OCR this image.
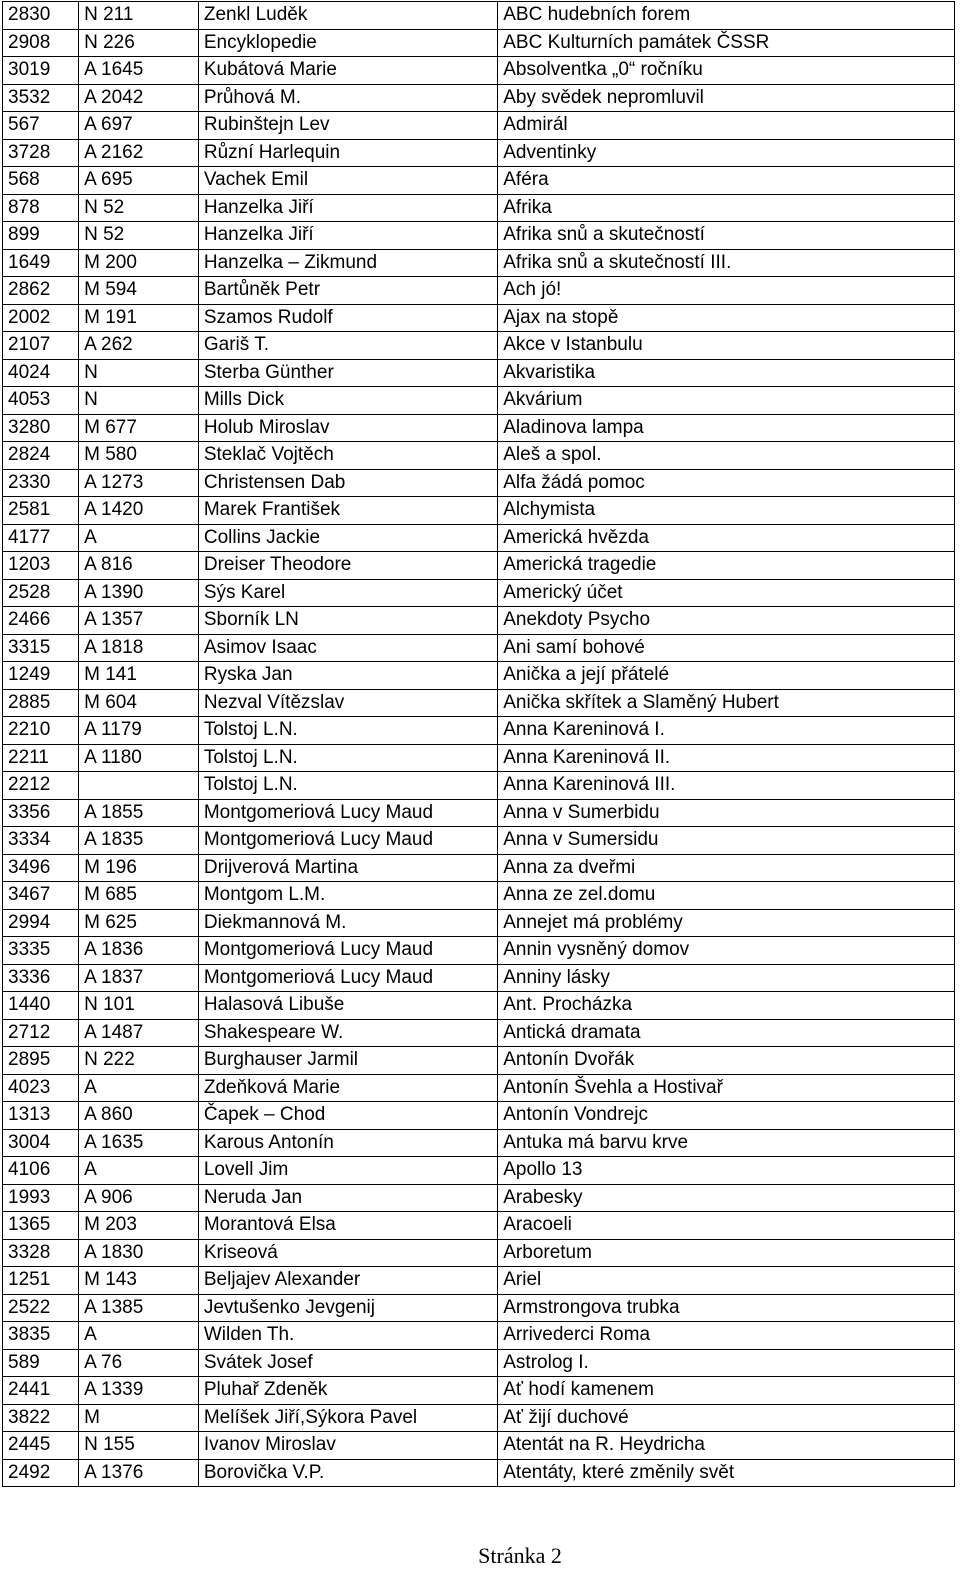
2830	N 211	Zenkl Luděk	ABC hudebních forem
2908	N 226	Encyklopedie	ABC Kulturních památek ČSSR
3019	A 1645	Kubátová Marie	Absolventka „0“ ročníku
3532	A 2042	Průhová M.	Aby svědek nepromluvil
567	A 697	Rubinštejn Lev	Admirál
3728	A 2162	Různí Harlequin	Adventinky
568	A 695	Vachek Emil	Aféra
878	N 52	Hanzelka Jiří	Afrika
899	N 52	Hanzelka Jiří	Afrika snů a skutečností
1649	M 200	Hanzelka – Zikmund	Afrika snů a skutečností III.
2862	M 594	Bartůněk Petr	Ach jó!
2002	M 191	Szamos Rudolf	Ajax na stopě
2107	A 262	Gariš T.	Akce v Istanbulu
4024	N	Sterba Günther	Akvaristika
4053	N	Mills Dick	Akvárium
3280	M 677	Holub Miroslav	Aladinova lampa
2824	M 580	Steklač Vojtěch	Aleš a spol.
2330	A 1273	Christensen Dab	Alfa žádá pomoc
2581	A 1420	Marek František	Alchymista
4177	A	Collins Jackie	Americká hvězda
1203	A 816	Dreiser Theodore	Americká tragedie
2528	A 1390	Sýs Karel	Americký účet
2466	A 1357	Sborník LN	Anekdoty Psycho
3315	A 1818	Asimov Isaac	Ani samí bohové
1249	M 141	Ryska Jan	Anička a její přátelé
2885	M 604	Nezval Vítězslav	Anička skřítek a Slaměný Hubert
2210	A 1179	Tolstoj L.N.	Anna Kareninová I.
2211	A 1180	Tolstoj L.N.	Anna Kareninová II.
2212		Tolstoj L.N.	Anna Kareninová III.
3356	A 1855	Montgomeriová Lucy Maud	Anna v Sumerbidu
3334	A 1835	Montgomeriová Lucy Maud	Anna v Sumersidu
3496	M 196	Drijverová Martina	Anna za dveřmi
3467	M 685	Montgom L.M.	Anna ze zel.domu
2994	M 625	Diekmannová M.	Annejet má problémy
3335	A 1836	Montgomeriová Lucy Maud	Annin vysněný domov
3336	A 1837	Montgomeriová Lucy Maud	Anniny lásky
1440	N 101	Halasová Libuše	Ant. Procházka
2712	A 1487	Shakespeare W.	Antická dramata
2895	N 222	Burghauser Jarmil	Antonín Dvořák
4023	A	Zdeňková Marie	Antonín Švehla a Hostivař
1313	A 860	Čapek – Chod	Antonín Vondrejc
3004	A 1635	Karous Antonín	Antuka má barvu krve
4106	A	Lovell Jim	Apollo 13
1993	A 906	Neruda Jan	Arabesky
1365	M 203	Morantová Elsa	Aracoeli
3328	A 1830	Kriseová	Arboretum
1251	M 143	Beljajev Alexander	Ariel
2522	A 1385	Jevtušenko Jevgenij	Armstrongova trubka
3835	A	Wilden Th.	Arrivederci Roma
589	A 76	Svátek Josef	Astrolog I.
2441	A 1339	Pluhař Zdeněk	Ať hodí kamenem
3822	M	Melíšek Jiří,Sýkora Pavel	Ať žijí duchové
2445	N 155	Ivanov Miroslav	Atentát na R. Heydricha
2492	A 1376	Borovička V.P.	Atentáty, které změnily svět
Stránka 2
